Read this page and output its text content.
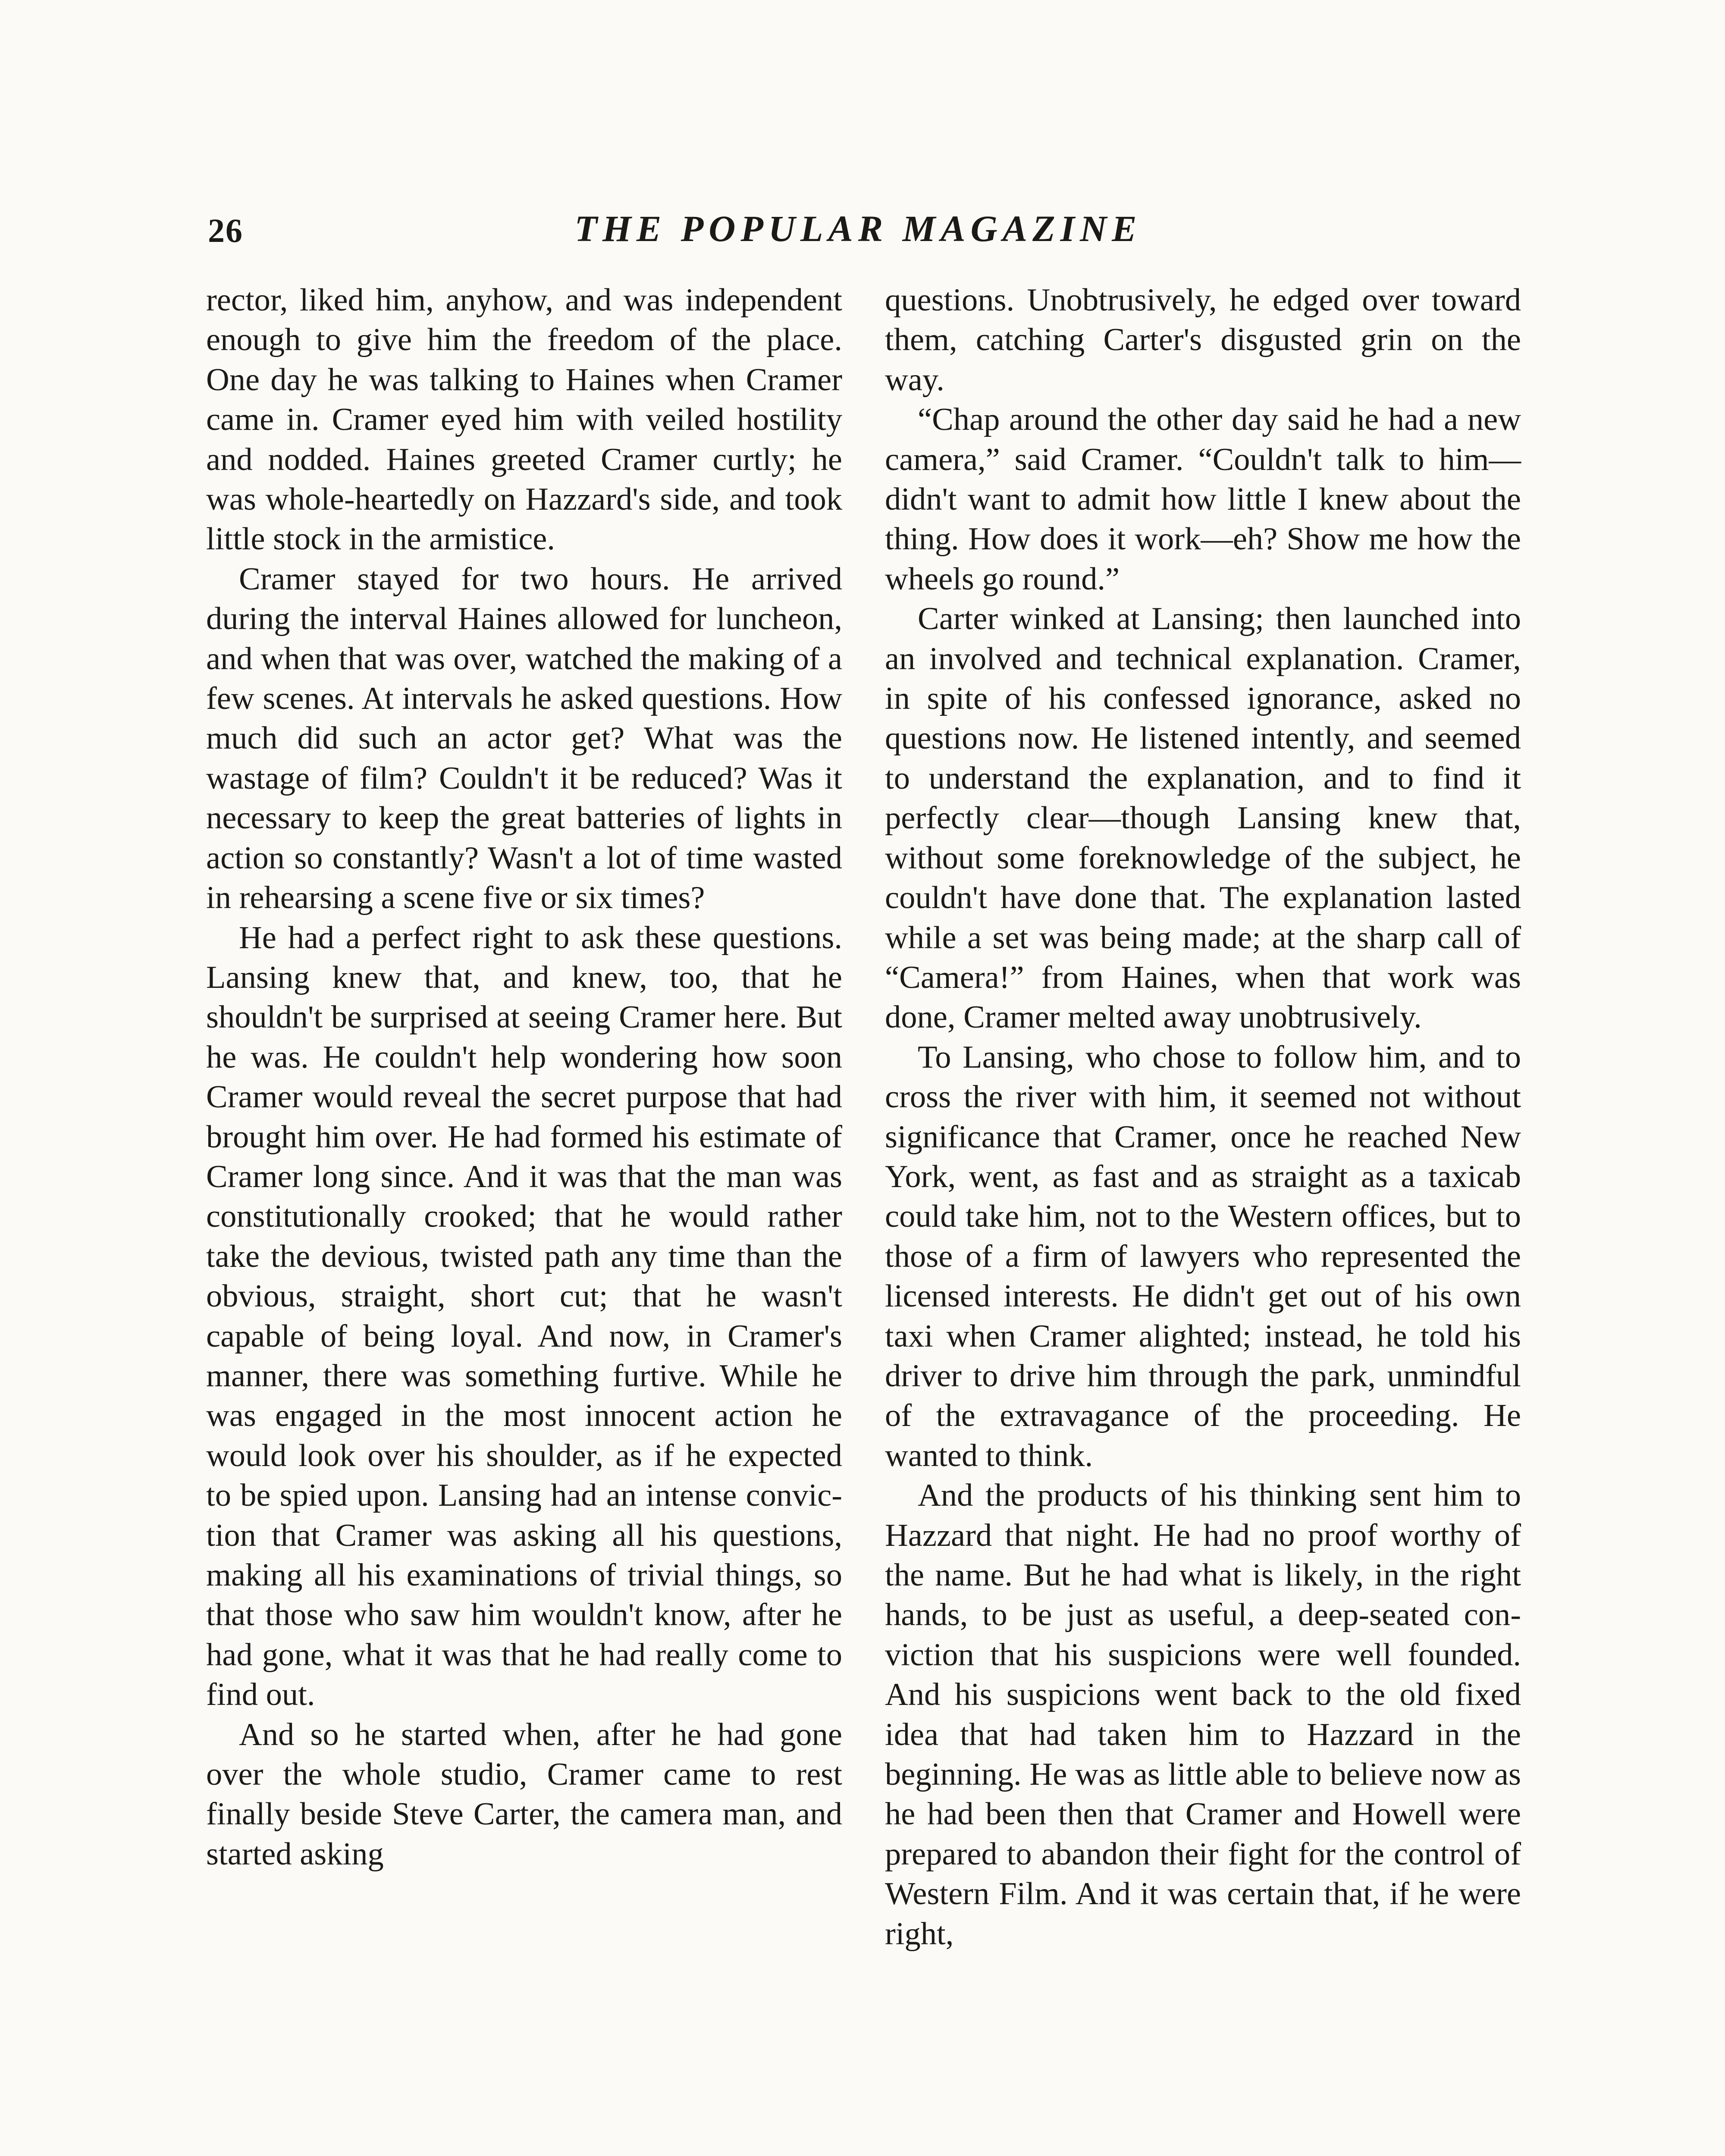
26	THE POPULAR MAGAZINE

rector, liked him, anyhow, and was independent enough to give him the freedom of the place. One day he was talking to Haines when Cramer came in. Cramer eyed him with veiled hostility and nodded. Haines greeted Cramer curtly; he was whole-heartedly on Hazzard's side, and took little stock in the armistice.

Cramer stayed for two hours. He arrived during the interval Haines allowed for luncheon, and when that was over, watched the making of a few scenes. At intervals he asked questions. How much did such an actor get? What was the wastage of film? Couldn't it be reduced? Was it necessary to keep the great batteries of lights in action so constantly? Wasn't a lot of time wasted in rehearsing a scene five or six times?

He had a perfect right to ask these questions. Lansing knew that, and knew, too, that he shouldn't be surprised at seeing Cramer here. But he was. He couldn't help wondering how soon Cramer would reveal the secret purpose that had brought him over. He had formed his estimate of Cramer long since. And it was that the man was constitutionally crooked; that he would rather take the devious, twisted path any time than the obvious, straight, short cut; that he wasn't capable of being loyal. And now, in Cramer's manner, there was something furtive. While he was engaged in the most innocent action he would look over his shoulder, as if he expected to be spied upon. Lansing had an intense conviction that Cramer was asking all his questions, making all his examinations of trivial things, so that those who saw him wouldn't know, after he had gone, what it was that he had really come to find out.

And so he started when, after he had gone over the whole studio, Cramer came to rest finally beside Steve Carter, the camera man, and started asking

questions. Unobtrusively, he edged over toward them, catching Carter's disgusted grin on the way.

“Chap around the other day said he had a new camera,” said Cramer. “Couldn't talk to him—didn't want to admit how little I knew about the thing. How does it work—eh? Show me how the wheels go round.”

Carter winked at Lansing; then launched into an involved and technical explanation. Cramer, in spite of his confessed ignorance, asked no questions now. He listened intently, and seemed to understand the explanation, and to find it perfectly clear—though Lansing knew that, without some foreknowledge of the subject, he couldn't have done that. The explanation lasted while a set was being made; at the sharp call of “Camera!” from Haines, when that work was done, Cramer melted away unobtrusively.

To Lansing, who chose to follow him, and to cross the river with him, it seemed not without significance that Cramer, once he reached New York, went, as fast and as straight as a taxicab could take him, not to the Western offices, but to those of a firm of lawyers who represented the licensed interests. He didn't get out of his own taxi when Cramer alighted; instead, he told his driver to drive him through the park, unmindful of the extravagance of the proceeding. He wanted to think.

And the products of his thinking sent him to Hazzard that night. He had no proof worthy of the name. But he had what is likely, in the right hands, to be just as useful, a deep-seated conviction that his suspicions were well founded. And his suspicions went back to the old fixed idea that had taken him to Hazzard in the beginning. He was as little able to believe now as he had been then that Cramer and Howell were prepared to abandon their fight for the control of Western Film. And it was certain that, if he were right,
